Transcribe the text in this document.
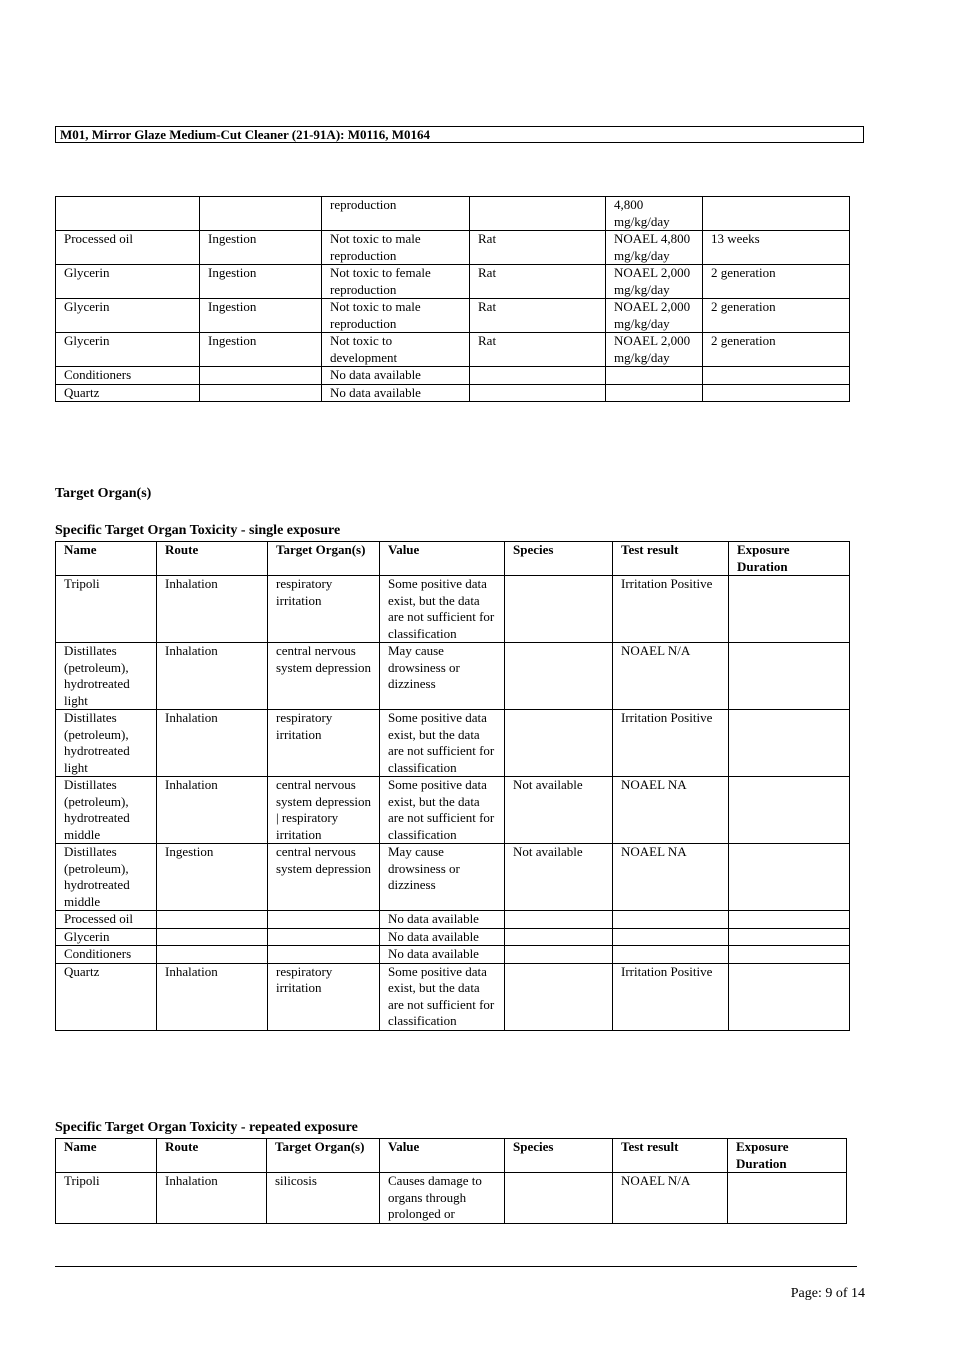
M01, Mirror Glaze Medium-Cut Cleaner (21-91A): M0116, M0164
		reproduction		4,800 mg/kg/day	
Processed oil	Ingestion	Not toxic to male reproduction	Rat	NOAEL 4,800 mg/kg/day	13 weeks
Glycerin	Ingestion	Not toxic to female reproduction	Rat	NOAEL 2,000 mg/kg/day	2 generation
Glycerin	Ingestion	Not toxic to male reproduction	Rat	NOAEL 2,000 mg/kg/day	2 generation
Glycerin	Ingestion	Not toxic to development	Rat	NOAEL 2,000 mg/kg/day	2 generation
Conditioners		No data available			
Quartz		No data available			
Target Organ(s)
Specific Target Organ Toxicity - single exposure
Name	Route	Target Organ(s)	Value	Species	Test result	Exposure Duration
Tripoli	Inhalation	respiratory irritation	Some positive data exist, but the data are not sufficient for classification		Irritation Positive	
Distillates (petroleum), hydrotreated light	Inhalation	central nervous system depression	May cause drowsiness or dizziness		NOAEL N/A	
Distillates (petroleum), hydrotreated light	Inhalation	respiratory irritation	Some positive data exist, but the data are not sufficient for classification		Irritation Positive	
Distillates (petroleum), hydrotreated middle	Inhalation	central nervous system depression | respiratory irritation	Some positive data exist, but the data are not sufficient for classification	Not available	NOAEL NA	
Distillates (petroleum), hydrotreated middle	Ingestion	central nervous system depression	May cause drowsiness or dizziness	Not available	NOAEL NA	
Processed oil			No data available			
Glycerin			No data available			
Conditioners			No data available			
Quartz	Inhalation	respiratory irritation	Some positive data exist, but the data are not sufficient for classification		Irritation Positive	
Specific Target Organ Toxicity - repeated exposure
Name	Route	Target Organ(s)	Value	Species	Test result	Exposure Duration
Tripoli	Inhalation	silicosis	Causes damage to organs through prolonged or		NOAEL N/A	
Page: 9 of 14
